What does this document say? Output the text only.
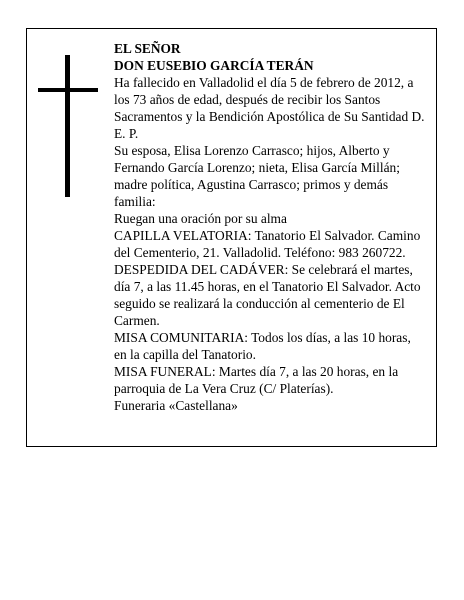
EL SEÑOR

DON EUSEBIO GARCÍA TERÁN

Ha fallecido en Valladolid el día 5 de febrero de 2012, a los 73 años de edad, después de recibir los Santos Sacramentos y la Bendición Apostólica de Su Santidad D. E. P.

Su esposa, Elisa Lorenzo Carrasco; hijos, Alberto y Fernando García Lorenzo; nieta, Elisa García Millán; madre política, Agustina Carrasco; primos y demás familia:

Ruegan una oración por su alma

CAPILLA VELATORIA: Tanatorio El Salvador. Camino del Cementerio, 21. Valladolid. Teléfono: 983 260722.

DESPEDIDA DEL CADÁVER: Se celebrará el martes, día 7, a las 11.45 horas, en el Tanatorio El Salvador. Acto seguido se realizará la conducción al cementerio de El Carmen.

MISA COMUNITARIA: Todos los días, a las 10 horas, en la capilla del Tanatorio.

MISA FUNERAL: Martes día 7, a las 20 horas, en la parroquia de La Vera Cruz (C/ Platerías).

Funeraria «Castellana»
